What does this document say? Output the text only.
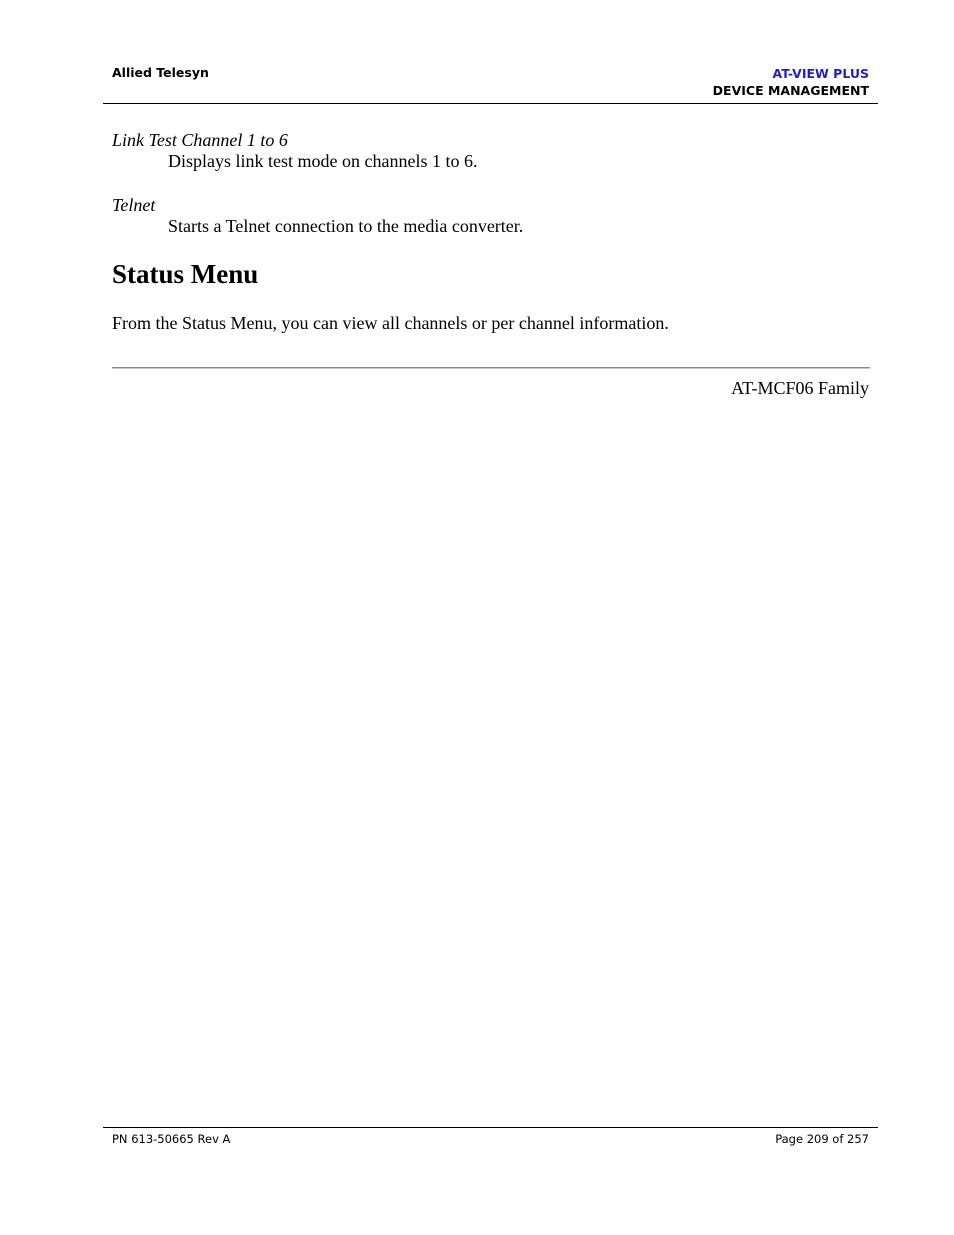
Allied Telesyn	AT-VIEW PLUS
DEVICE MANAGEMENT
Link Test Channel 1 to 6
Displays link test mode on channels 1 to 6.
Telnet
Starts a Telnet connection to the media converter.
Status Menu
From the Status Menu, you can view all channels or per channel information.
AT-MCF06 Family
PN 613-50665 Rev A	Page 209 of 257
